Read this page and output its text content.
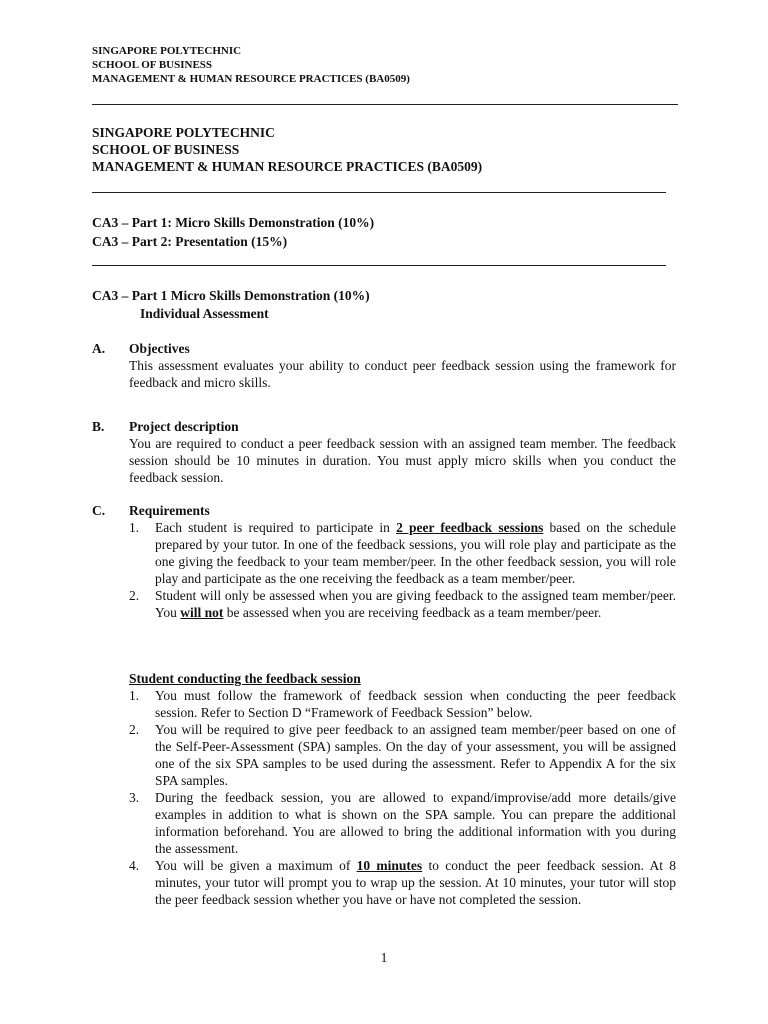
SINGAPORE POLYTECHNIC
SCHOOL OF BUSINESS
MANAGEMENT & HUMAN RESOURCE PRACTICES (BA0509)
SINGAPORE POLYTECHNIC
SCHOOL OF BUSINESS
MANAGEMENT & HUMAN RESOURCE PRACTICES (BA0509)
CA3 – Part 1: Micro Skills Demonstration (10%)
CA3 – Part 2: Presentation (15%)
CA3 – Part 1 Micro Skills Demonstration (10%)
Individual Assessment
A. Objectives
This assessment evaluates your ability to conduct peer feedback session using the framework for feedback and micro skills.
B. Project description
You are required to conduct a peer feedback session with an assigned team member. The feedback session should be 10 minutes in duration. You must apply micro skills when you conduct the feedback session.
C. Requirements
1. Each student is required to participate in 2 peer feedback sessions based on the schedule prepared by your tutor. In one of the feedback sessions, you will role play and participate as the one giving the feedback to your team member/peer. In the other feedback session, you will role play and participate as the one receiving the feedback as a team member/peer.
2. Student will only be assessed when you are giving feedback to the assigned team member/peer. You will not be assessed when you are receiving feedback as a team member/peer.
Student conducting the feedback session
1. You must follow the framework of feedback session when conducting the peer feedback session. Refer to Section D “Framework of Feedback Session” below.
2. You will be required to give peer feedback to an assigned team member/peer based on one of the Self-Peer-Assessment (SPA) samples. On the day of your assessment, you will be assigned one of the six SPA samples to be used during the assessment. Refer to Appendix A for the six SPA samples.
3. During the feedback session, you are allowed to expand/improvise/add more details/give examples in addition to what is shown on the SPA sample. You can prepare the additional information beforehand. You are allowed to bring the additional information with you during the assessment.
4. You will be given a maximum of 10 minutes to conduct the peer feedback session. At 8 minutes, your tutor will prompt you to wrap up the session. At 10 minutes, your tutor will stop the peer feedback session whether you have or have not completed the session.
1
